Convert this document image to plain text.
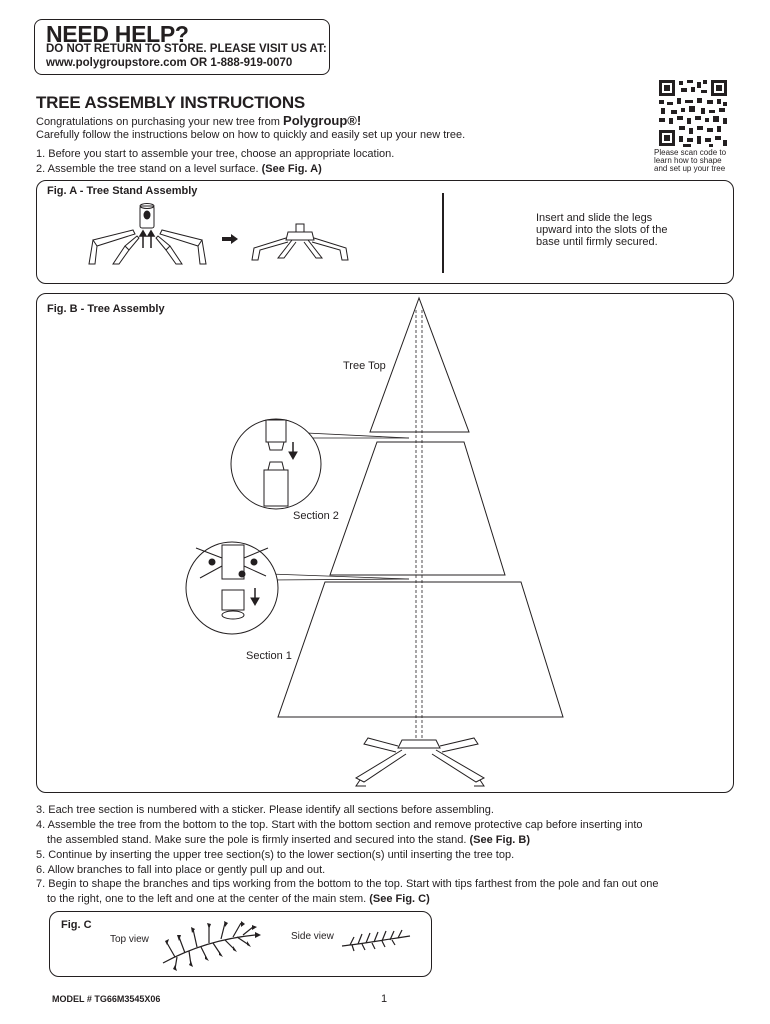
NEED HELP?
DO NOT RETURN TO STORE. PLEASE VISIT US AT:
www.polygroupstore.com OR 1-888-919-0070
TREE ASSEMBLY INSTRUCTIONS
Congratulations on purchasing your new tree from Polygroup®!
Carefully follow the instructions below on how to quickly and easily set up your new tree.
1. Before you start to assemble your tree, choose an appropriate location.
2. Assemble the tree stand on a level surface. (See Fig. A)
Please scan code to
learn how to shape
and set up your tree
Fig. A - Tree Stand Assembly
Insert and slide the legs
upward into the slots of the
base until firmly secured.
Fig. B - Tree Assembly
Tree Top
Section 2
Section 1
3. Each tree section is numbered with a sticker. Please identify all sections before assembling.
4. Assemble the tree from the bottom to the top. Start with the bottom section and remove protective cap before inserting into
the assembled stand. Make sure the pole is firmly inserted and secured into the stand. (See Fig. B)
5. Continue by inserting the upper tree section(s) to the lower section(s) until inserting the tree top.
6. Allow branches to fall into place or gently pull up and out.
7. Begin to shape the branches and tips working from the bottom to the top. Start with tips farthest from the pole and fan out one
to the right, one to the left and one at the center of the main stem. (See Fig. C)
Fig. C
Top view	Side view
MODEL # TG66M3545X06	1
